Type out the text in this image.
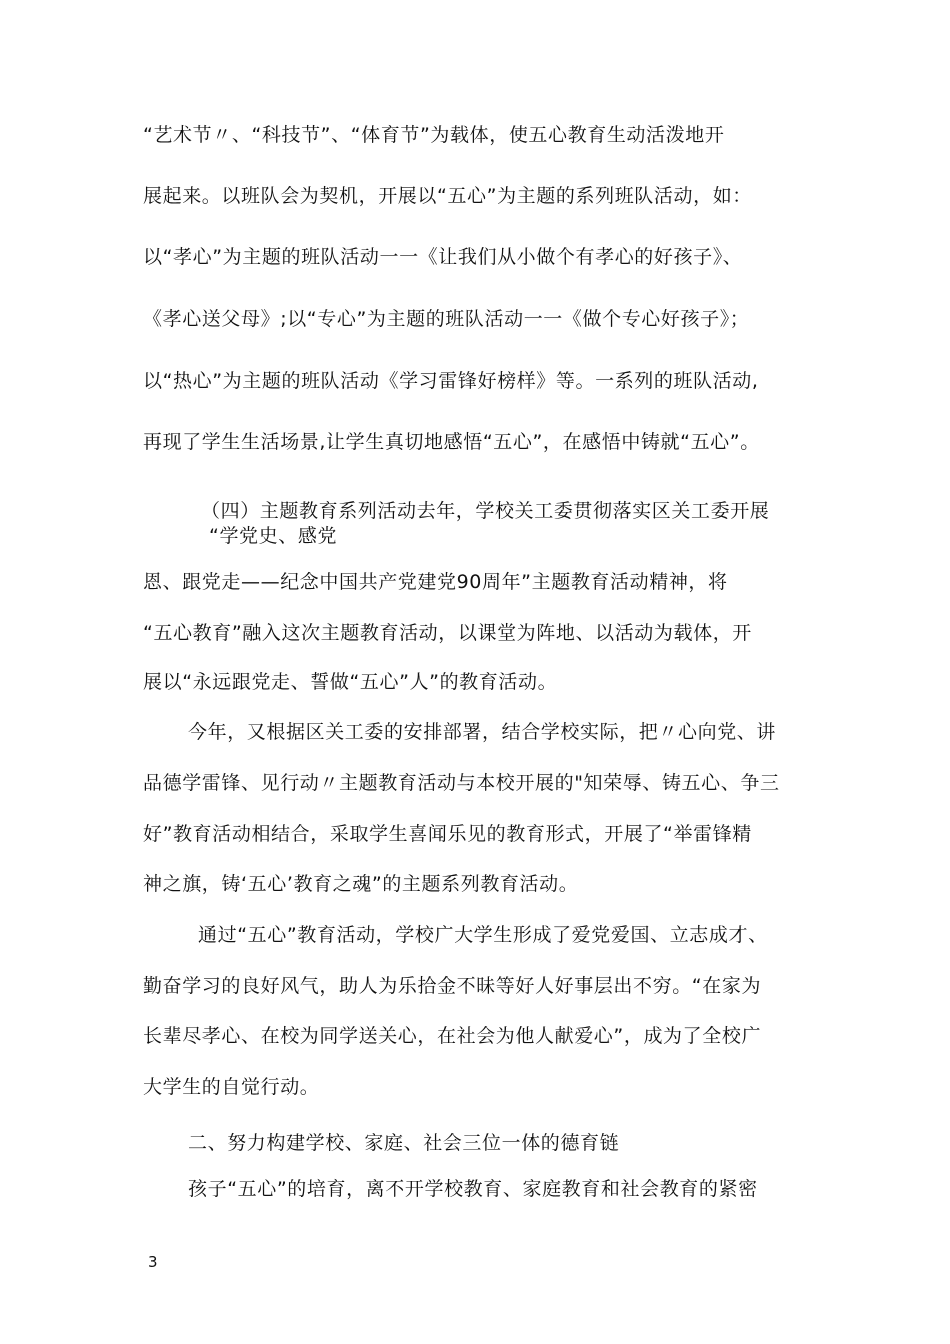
“艺术节〃、“科技节”、“体育节”为载体，使五心教育生动活泼地开
展起来。以班队会为契机，开展以“五心”为主题的系列班队活动，如：
以“孝心”为主题的班队活动一一《让我们从小做个有孝心的好孩子》、
《孝心送父母》;以“专心”为主题的班队活动一一《做个专心好孩子》；
以“热心”为主题的班队活动《学习雷锋好榜样》等。一系列的班队活动,
再现了学生生活场景,让学生真切地感悟“五心”，在感悟中铸就“五心”。
（四）主题教育系列活动去年，学校关工委贯彻落实区关工委开展
“学党史、感党
恩、跟党走——纪念中国共产党建党90周年”主题教育活动精神，将
“五心教育”融入这次主题教育活动，以课堂为阵地、以活动为载体，开
展以“永远跟党走、誓做“五心”人”的教育活动。
今年，又根据区关工委的安排部署，结合学校实际，把〃心向党、讲
品德学雷锋、见行动〃主题教育活动与本校开展的"知荣辱、铸五心、争三
好”教育活动相结合，采取学生喜闻乐见的教育形式，开展了“举雷锋精
神之旗，铸‘五心’教育之魂”的主题系列教育活动。
通过“五心”教育活动，学校广大学生形成了爱党爱国、立志成才、
勤奋学习的良好风气，助人为乐拾金不昧等好人好事层出不穷。“在家为
长辈尽孝心、在校为同学送关心，在社会为他人献爱心”，成为了全校广
大学生的自觉行动。
二、努力构建学校、家庭、社会三位一体的德育链
孩子“五心”的培育，离不开学校教育、家庭教育和社会教育的紧密
3
